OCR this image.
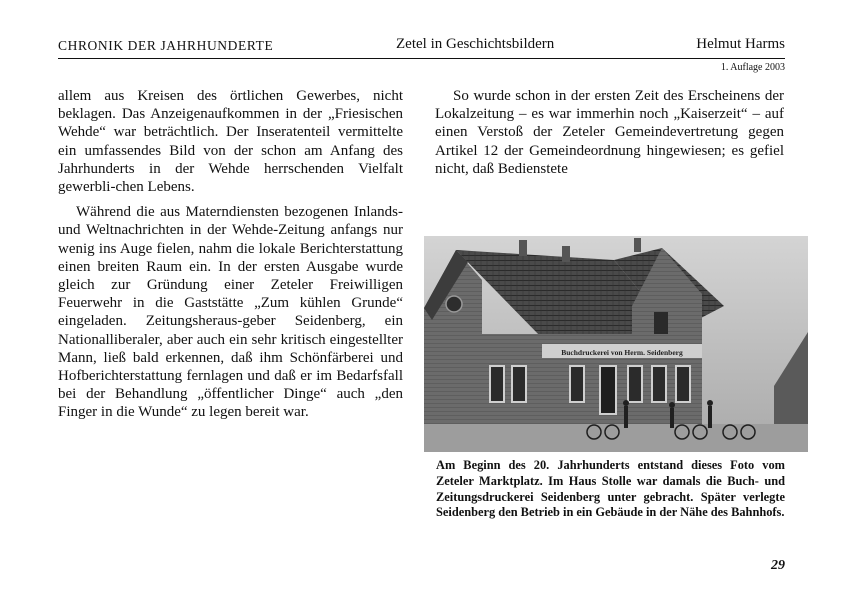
CHRONIK DER JAHRHUNDERTE	Zetel in Geschichtsbildern	Helmut Harms
1. Auflage 2003

allem aus Kreisen des örtlichen Gewerbes, nicht beklagen. Das Anzeigenaufkommen in der „Friesischen Wehde“ war beträchtlich. Der Inseratenteil vermittelte ein umfassendes Bild von der schon am Anfang des Jahrhunderts in der Wehde herrschenden Vielfalt gewerbli-chen Lebens.

Während die aus Materndiensten bezogenen Inlands- und Weltnachrichten in der Wehde-Zeitung anfangs nur wenig ins Auge fielen, nahm die lokale Berichterstattung einen breiten Raum ein. In der ersten Ausgabe wurde gleich zur Gründung einer Zeteler Freiwilligen Feuerwehr in die Gaststätte „Zum kühlen Grunde“ eingeladen. Zeitungsheraus-geber Seidenberg, ein Nationalliberaler, aber auch ein sehr kritisch eingestellter Mann, ließ bald erkennen, daß ihm Schönfärberei und Hofberichterstattung fernlagen und daß er im Bedarfsfall bei der Behandlung „öffentlicher Dinge“ auch „den Finger in die Wunde“ zu legen bereit war.

So wurde schon in der ersten Zeit des Erscheinens der Lokalzeitung – es war immerhin noch „Kaiserzeit“ – auf einen Verstoß der Zeteler Gemeindevertretung gegen Artikel 12 der Gemeindeordnung hingewiesen; es gefiel nicht, daß Bedienstete

Buchdruckerei von Herm. Seidenberg
Am Beginn des 20. Jahrhunderts entstand dieses Foto vom Zeteler Marktplatz. Im Haus Stolle war damals die Buch- und Zeitungsdruckerei Seidenberg unter gebracht. Später verlegte Seidenberg den Betrieb in ein Gebäude in der Nähe des Bahnhofs.
29
